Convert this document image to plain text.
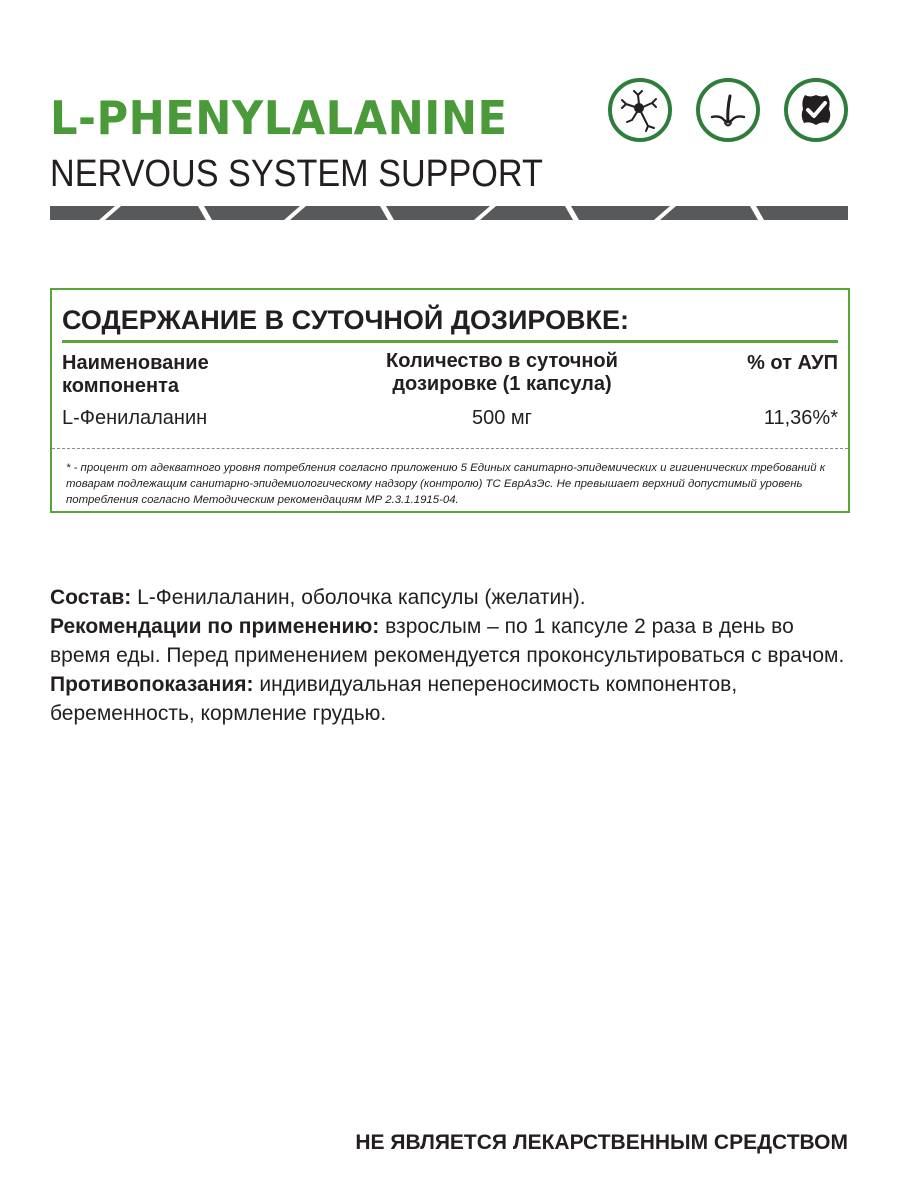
L-PHENYLALANINE
NERVOUS SYSTEM SUPPORT
СОДЕРЖАНИЕ В СУТОЧНОЙ ДОЗИРОВКЕ:
Наименование компонента
Количество в суточной дозировке (1 капсула)
% от АУП
L-Фенилаланин	500 мг	11,36%*
* - процент от адекватного уровня потребления согласно приложению 5 Единых санитарно-эпидемических и гигиенических требований к товарам подлежащим санитарно-эпидемиологическому надзору (контролю) ТС ЕврАзЭс. Не превышает верхний допустимый уровень потребления согласно Методическим рекомендациям МР 2.3.1.1915-04.

Состав: L-Фенилаланин, оболочка капсулы (желатин).

Рекомендации по применению: взрослым – по 1 капсуле 2 раза в день во время еды. Перед применением рекомендуется проконсультироваться с врачом.

Противопоказания: индивидуальная непереносимость компонентов, беременность, кормление грудью.

НЕ ЯВЛЯЕТСЯ ЛЕКАРСТВЕННЫМ СРЕДСТВОМ
